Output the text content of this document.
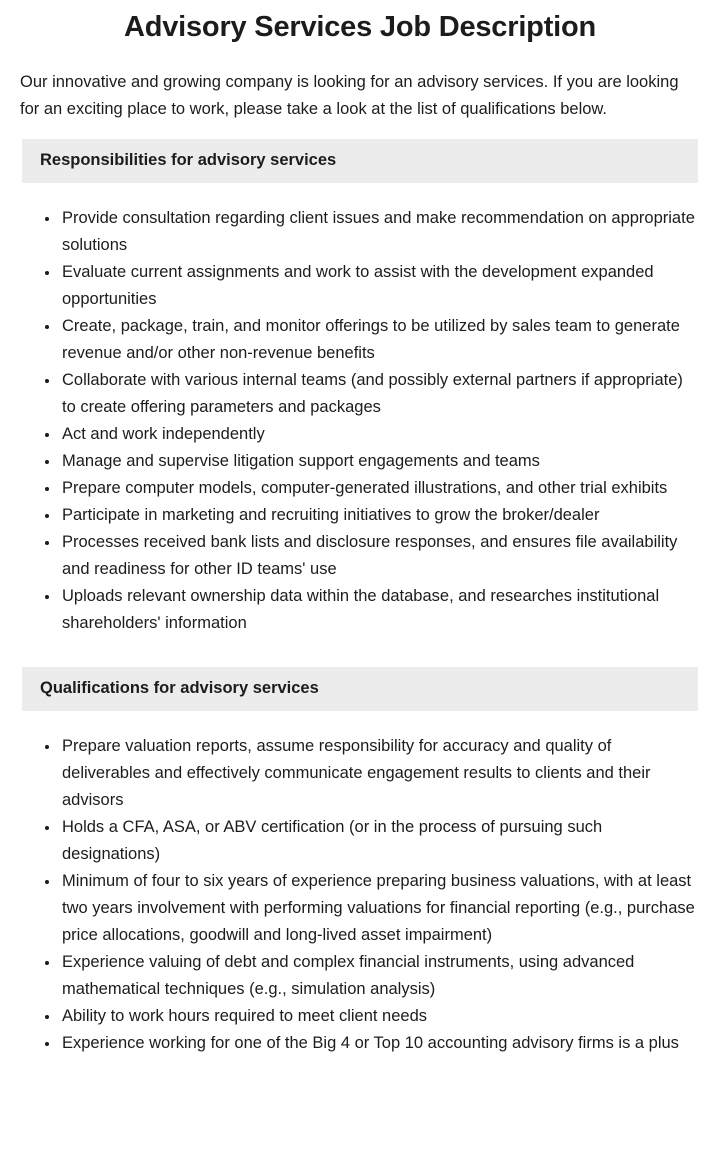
Advisory Services Job Description

Our innovative and growing company is looking for an advisory services. If you are looking for an exciting place to work, please take a look at the list of qualifications below.

Responsibilities for advisory services
• Provide consultation regarding client issues and make recommendation on appropriate solutions
• Evaluate current assignments and work to assist with the development expanded opportunities
• Create, package, train, and monitor offerings to be utilized by sales team to generate revenue and/or other non-revenue benefits
• Collaborate with various internal teams (and possibly external partners if appropriate) to create offering parameters and packages
• Act and work independently
• Manage and supervise litigation support engagements and teams
• Prepare computer models, computer-generated illustrations, and other trial exhibits
• Participate in marketing and recruiting initiatives to grow the broker/dealer
• Processes received bank lists and disclosure responses, and ensures file availability and readiness for other ID teams' use
• Uploads relevant ownership data within the database, and researches institutional shareholders' information
Qualifications for advisory services
• Prepare valuation reports, assume responsibility for accuracy and quality of deliverables and effectively communicate engagement results to clients and their advisors
• Holds a CFA, ASA, or ABV certification (or in the process of pursuing such designations)
• Minimum of four to six years of experience preparing business valuations, with at least two years involvement with performing valuations for financial reporting (e.g., purchase price allocations, goodwill and long-lived asset impairment)
• Experience valuing of debt and complex financial instruments, using advanced mathematical techniques (e.g., simulation analysis)
• Ability to work hours required to meet client needs
• Experience working for one of the Big 4 or Top 10 accounting advisory firms is a plus
